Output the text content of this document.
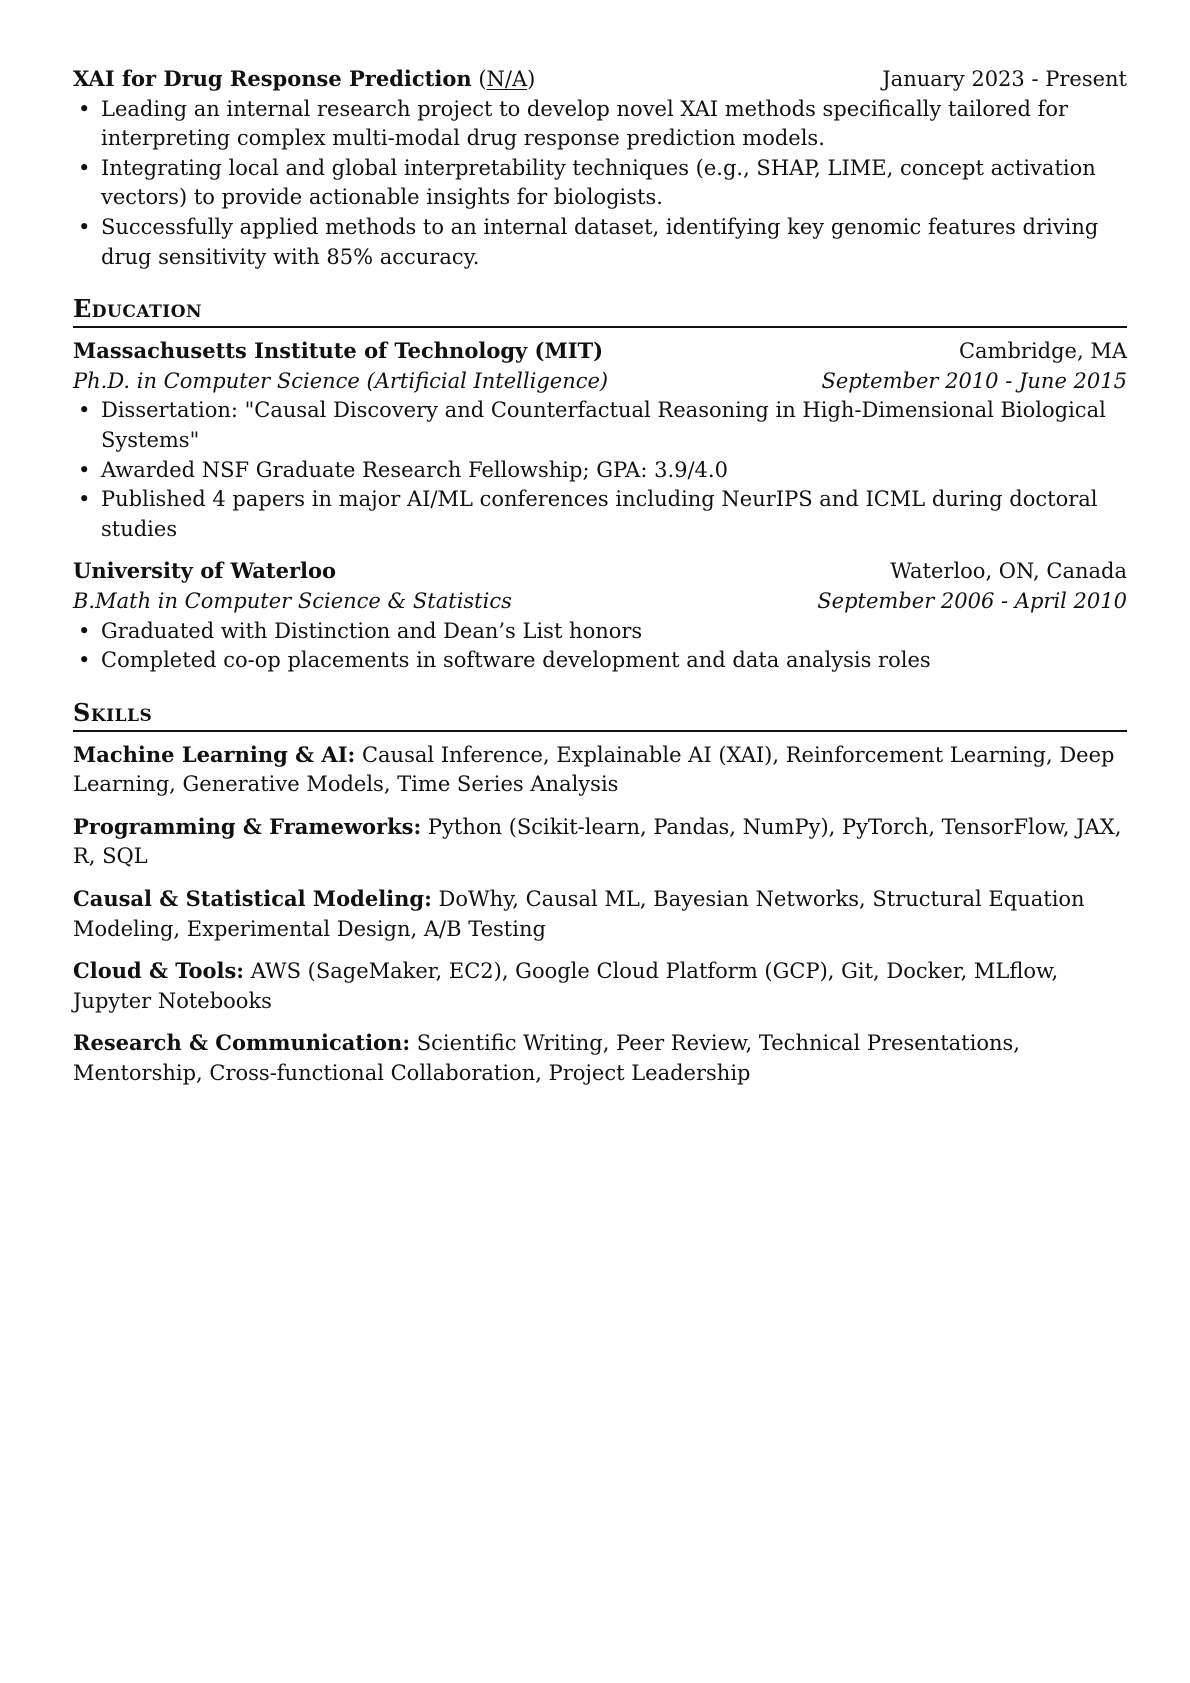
XAI for Drug Response Prediction (N/A)	January 2023 - Present
• Leading an internal research project to develop novel XAI methods specifically tailored for interpreting complex multi-modal drug response prediction models.
• Integrating local and global interpretability techniques (e.g., SHAP, LIME, concept activation vectors) to provide actionable insights for biologists.
• Successfully applied methods to an internal dataset, identifying key genomic features driving drug sensitivity with 85% accuracy.
Education
Massachusetts Institute of Technology (MIT)	Cambridge, MA
Ph.D. in Computer Science (Artificial Intelligence)	September 2010 - June 2015
• Dissertation: "Causal Discovery and Counterfactual Reasoning in High-Dimensional Biological Systems"
• Awarded NSF Graduate Research Fellowship; GPA: 3.9/4.0
• Published 4 papers in major AI/ML conferences including NeurIPS and ICML during doctoral studies
University of Waterloo	Waterloo, ON, Canada
B.Math in Computer Science & Statistics	September 2006 - April 2010
• Graduated with Distinction and Dean’s List honors
• Completed co-op placements in software development and data analysis roles
Skills
Machine Learning & AI: Causal Inference, Explainable AI (XAI), Reinforcement Learning, Deep Learning, Generative Models, Time Series Analysis
Programming & Frameworks: Python (Scikit-learn, Pandas, NumPy), PyTorch, TensorFlow, JAX, R, SQL
Causal & Statistical Modeling: DoWhy, Causal ML, Bayesian Networks, Structural Equation Modeling, Experimental Design, A/B Testing
Cloud & Tools: AWS (SageMaker, EC2), Google Cloud Platform (GCP), Git, Docker, MLflow, Jupyter Notebooks
Research & Communication: Scientific Writing, Peer Review, Technical Presentations, Mentorship, Cross-functional Collaboration, Project Leadership
